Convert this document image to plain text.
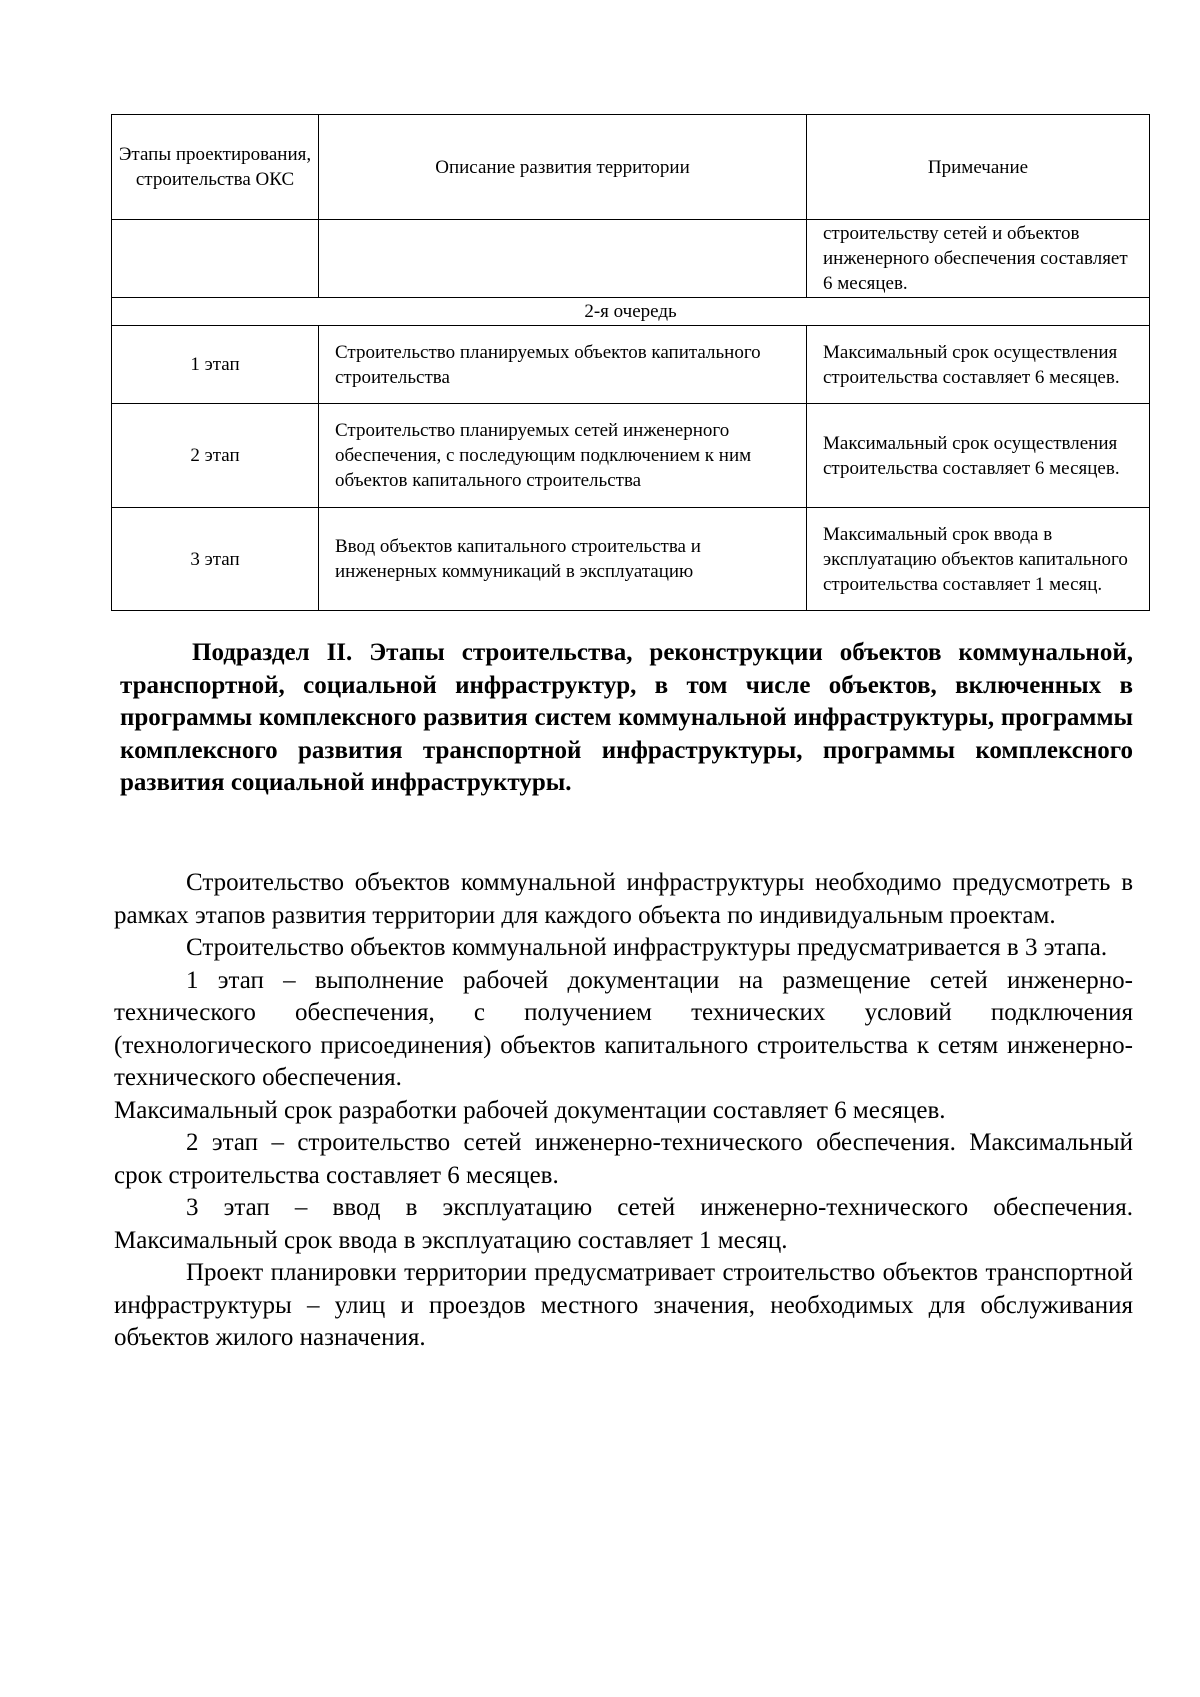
Этапы проектирования, строительства ОКС	Описание развития территории	Примечание
		строительству сетей и объектов инженерного обеспечения составляет 6 месяцев.
2-я очередь		
1 этап	Строительство планируемых объектов капитального строительства	Максимальный срок осуществления строительства составляет 6 месяцев.
2 этап	Строительство планируемых сетей инженерного обеспечения, с последующим подключением к ним объектов капитального строительства	Максимальный срок осуществления строительства составляет 6 месяцев.
3 этап	Ввод объектов капитального строительства и инженерных коммуникаций в эксплуатацию	Максимальный срок ввода в эксплуатацию объектов капитального строительства составляет 1 месяц.
Подраздел II. Этапы строительства, реконструкции объектов коммунальной, транспортной, социальной инфраструктур, в том числе объектов, включенных в программы комплексного развития систем коммунальной инфраструктуры, программы комплексного развития транспортной инфраструктуры, программы комплексного развития социальной инфраструктуры.

Строительство объектов коммунальной инфраструктуры необходимо предусмотреть в рамках этапов развития территории для каждого объекта по индивидуальным проектам.

Строительство объектов коммунальной инфраструктуры предусматривается в 3 этапа.

1 этап – выполнение рабочей документации на размещение сетей инженерно-технического обеспечения, с получением технических условий подключения (технологического присоединения) объектов капитального строительства к сетям инженерно-технического обеспечения.

Максимальный срок разработки рабочей документации составляет 6 месяцев.

2 этап – строительство сетей инженерно-технического обеспечения. Максимальный срок строительства составляет 6 месяцев.

3 этап – ввод в эксплуатацию сетей инженерно-технического обеспечения. Максимальный срок ввода в эксплуатацию составляет 1 месяц.

Проект планировки территории предусматривает строительство объектов транспортной инфраструктуры – улиц и проездов местного значения, необходимых для обслуживания объектов жилого назначения.
